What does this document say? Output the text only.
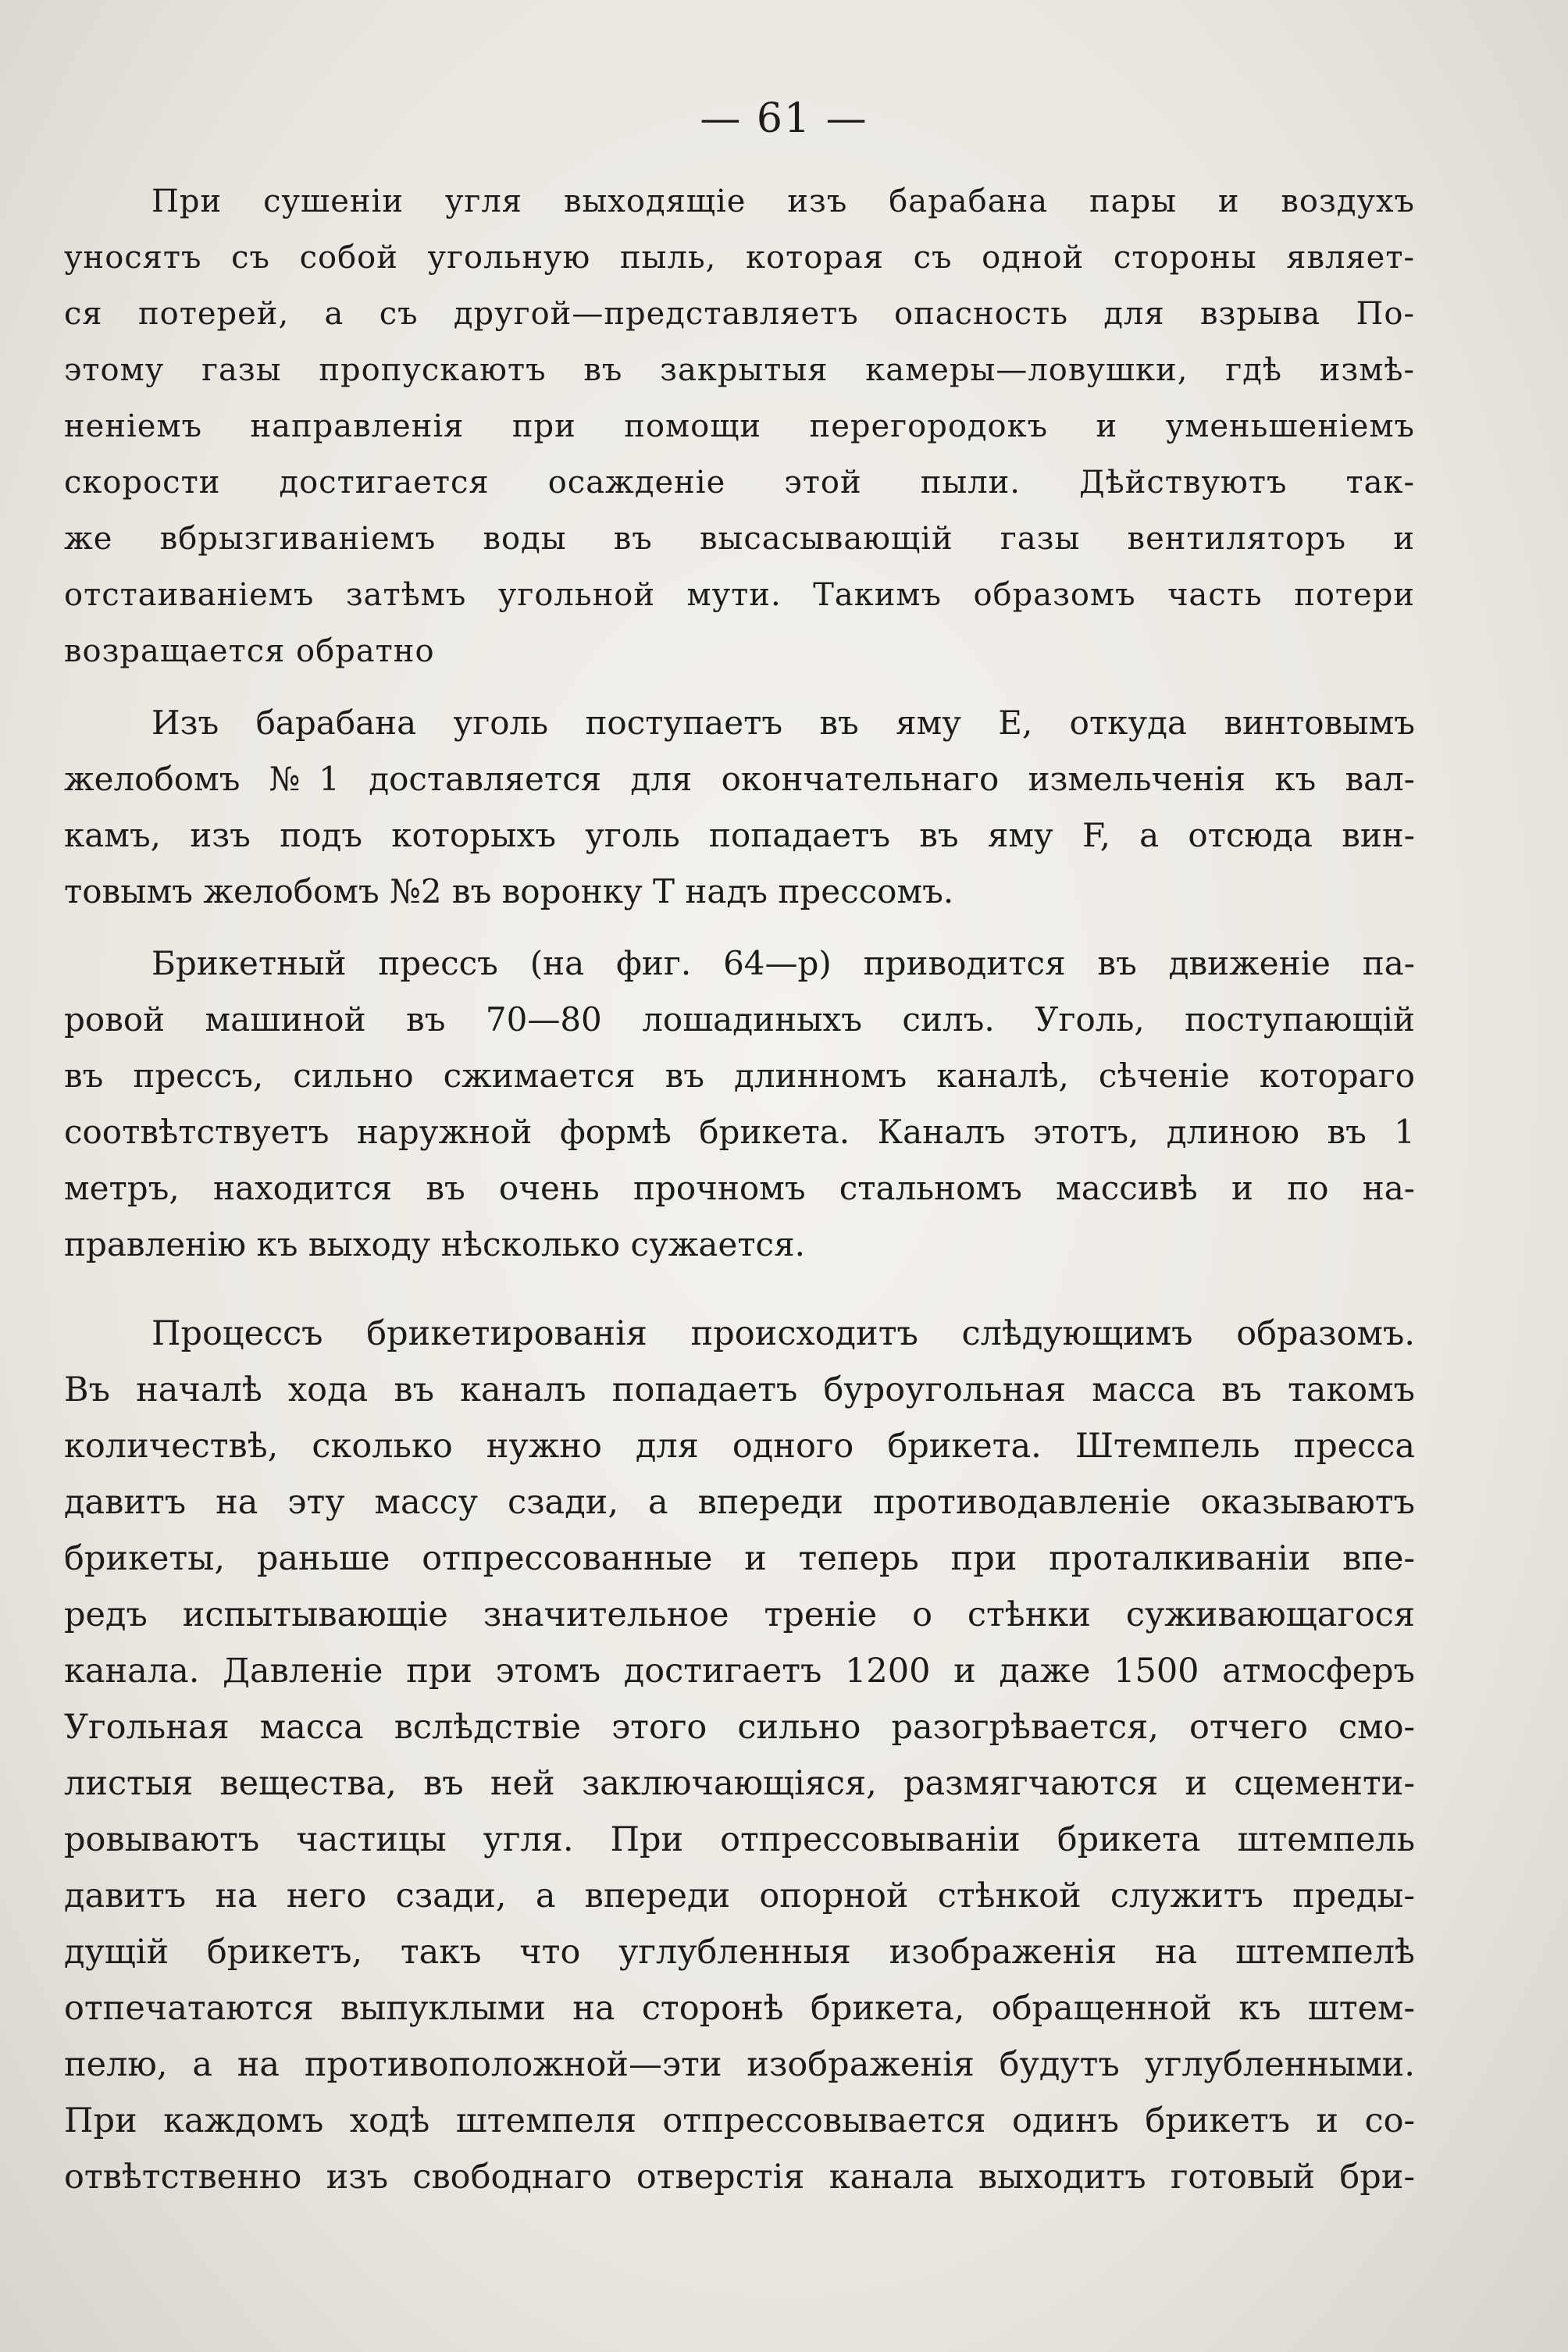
— 61 —
При сушеніи угля выходящіе изъ барабана пары и воздухъ
уносятъ съ собой угольную пыль, которая съ одной стороны являет-
ся потерей, а съ другой—представляетъ опасность для взрыва По-
этому газы пропускаютъ въ закрытыя камеры—ловушки, гдѣ измѣ-
неніемъ направленія при помощи перегородокъ и уменьшеніемъ
скорости достигается осажденіе этой пыли. Дѣйствуютъ так-
же вбрызгиваніемъ воды въ высасывающій газы вентиляторъ и
отстаиваніемъ затѣмъ угольной мути. Такимъ образомъ часть потери
возращается обратно
Изъ барабана уголь поступаетъ въ яму Е, откуда винтовымъ
желобомъ №1 доставляется для окончательнаго измельченія къ вал-
камъ, изъ подъ которыхъ уголь попадаетъ въ яму F, а отсюда вин-
товымъ желобомъ №2 въ воронку Т надъ прессомъ.
Брикетный прессъ (на фиг. 64—p) приводится въ движеніе па-
ровой машиной въ 70—80 лошадиныхъ силъ. Уголь, поступающій
въ прессъ, сильно сжимается въ длинномъ каналѣ, сѣченіе котораго
соотвѣтствуетъ наружной формѣ брикета. Каналъ этотъ, длиною въ 1
метръ, находится въ очень прочномъ стальномъ массивѣ и по на-
правленію къ выходу нѣсколько сужается.
Процессъ брикетированія происходитъ слѣдующимъ образомъ.
Въ началѣ хода въ каналъ попадаетъ буроугольная масса въ такомъ
количествѣ, сколько нужно для одного брикета. Штемпель пресса
давитъ на эту массу сзади, а впереди противодавленіе оказываютъ
брикеты, раньше отпрессованные и теперь при проталкиваніи впе-
редъ испытывающіе значительное треніе о стѣнки суживающагося
канала. Давленіе при этомъ достигаетъ 1200 и даже 1500 атмосферъ
Угольная масса вслѣдствіе этого сильно разогрѣвается, отчего смо-
листыя вещества, въ ней заключающіяся, размягчаются и сцементи-
ровываютъ частицы угля. При отпрессовываніи брикета штемпель
давитъ на него сзади, а впереди опорной стѣнкой служитъ преды-
дущій брикетъ, такъ что углубленныя изображенія на штемпелѣ
отпечатаются выпуклыми на сторонѣ брикета, обращенной къ штем-
пелю, а на противоположной—эти изображенія будутъ углубленными.
При каждомъ ходѣ штемпеля отпрессовывается одинъ брикетъ и со-
отвѣтственно изъ свободнаго отверстія канала выходитъ готовый бри-
